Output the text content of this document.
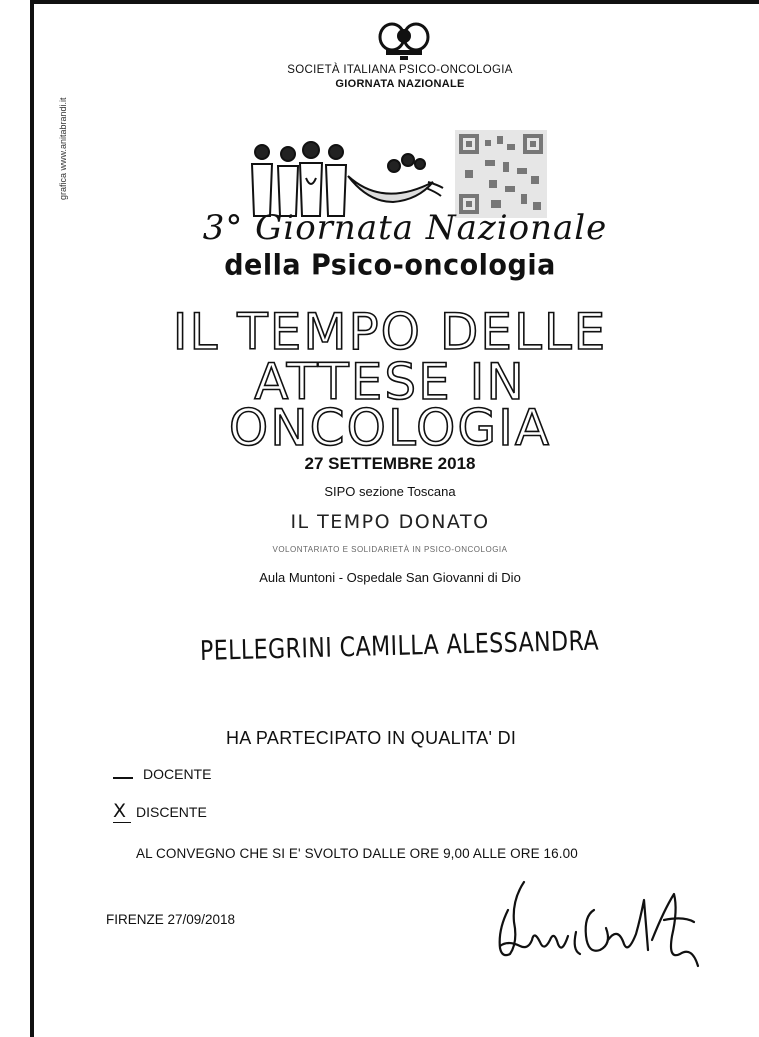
grafica www.anitabrandi.it
SOCIETÀ ITALIANA PSICO-ONCOLOGIA
GIORNATA NAZIONALE
3° Giornata Nazionale
della Psico-oncologia
IL TEMPO DELLE
ATTESE IN
ONCOLOGIA
27 SETTEMBRE 2018
SIPO sezione Toscana
IL TEMPO DONATO
VOLONTARIATO E SOLIDARIETÀ IN PSICO-ONCOLOGIA
Aula Muntoni - Ospedale San Giovanni di Dio
PELLEGRINI CAMILLA ALESSANDRA
HA PARTECIPATO IN QUALITA' DI
DOCENTE
X DISCENTE
AL CONVEGNO CHE SI E' SVOLTO DALLE ORE 9,00 ALLE ORE 16.00
FIRENZE 27/09/2018
